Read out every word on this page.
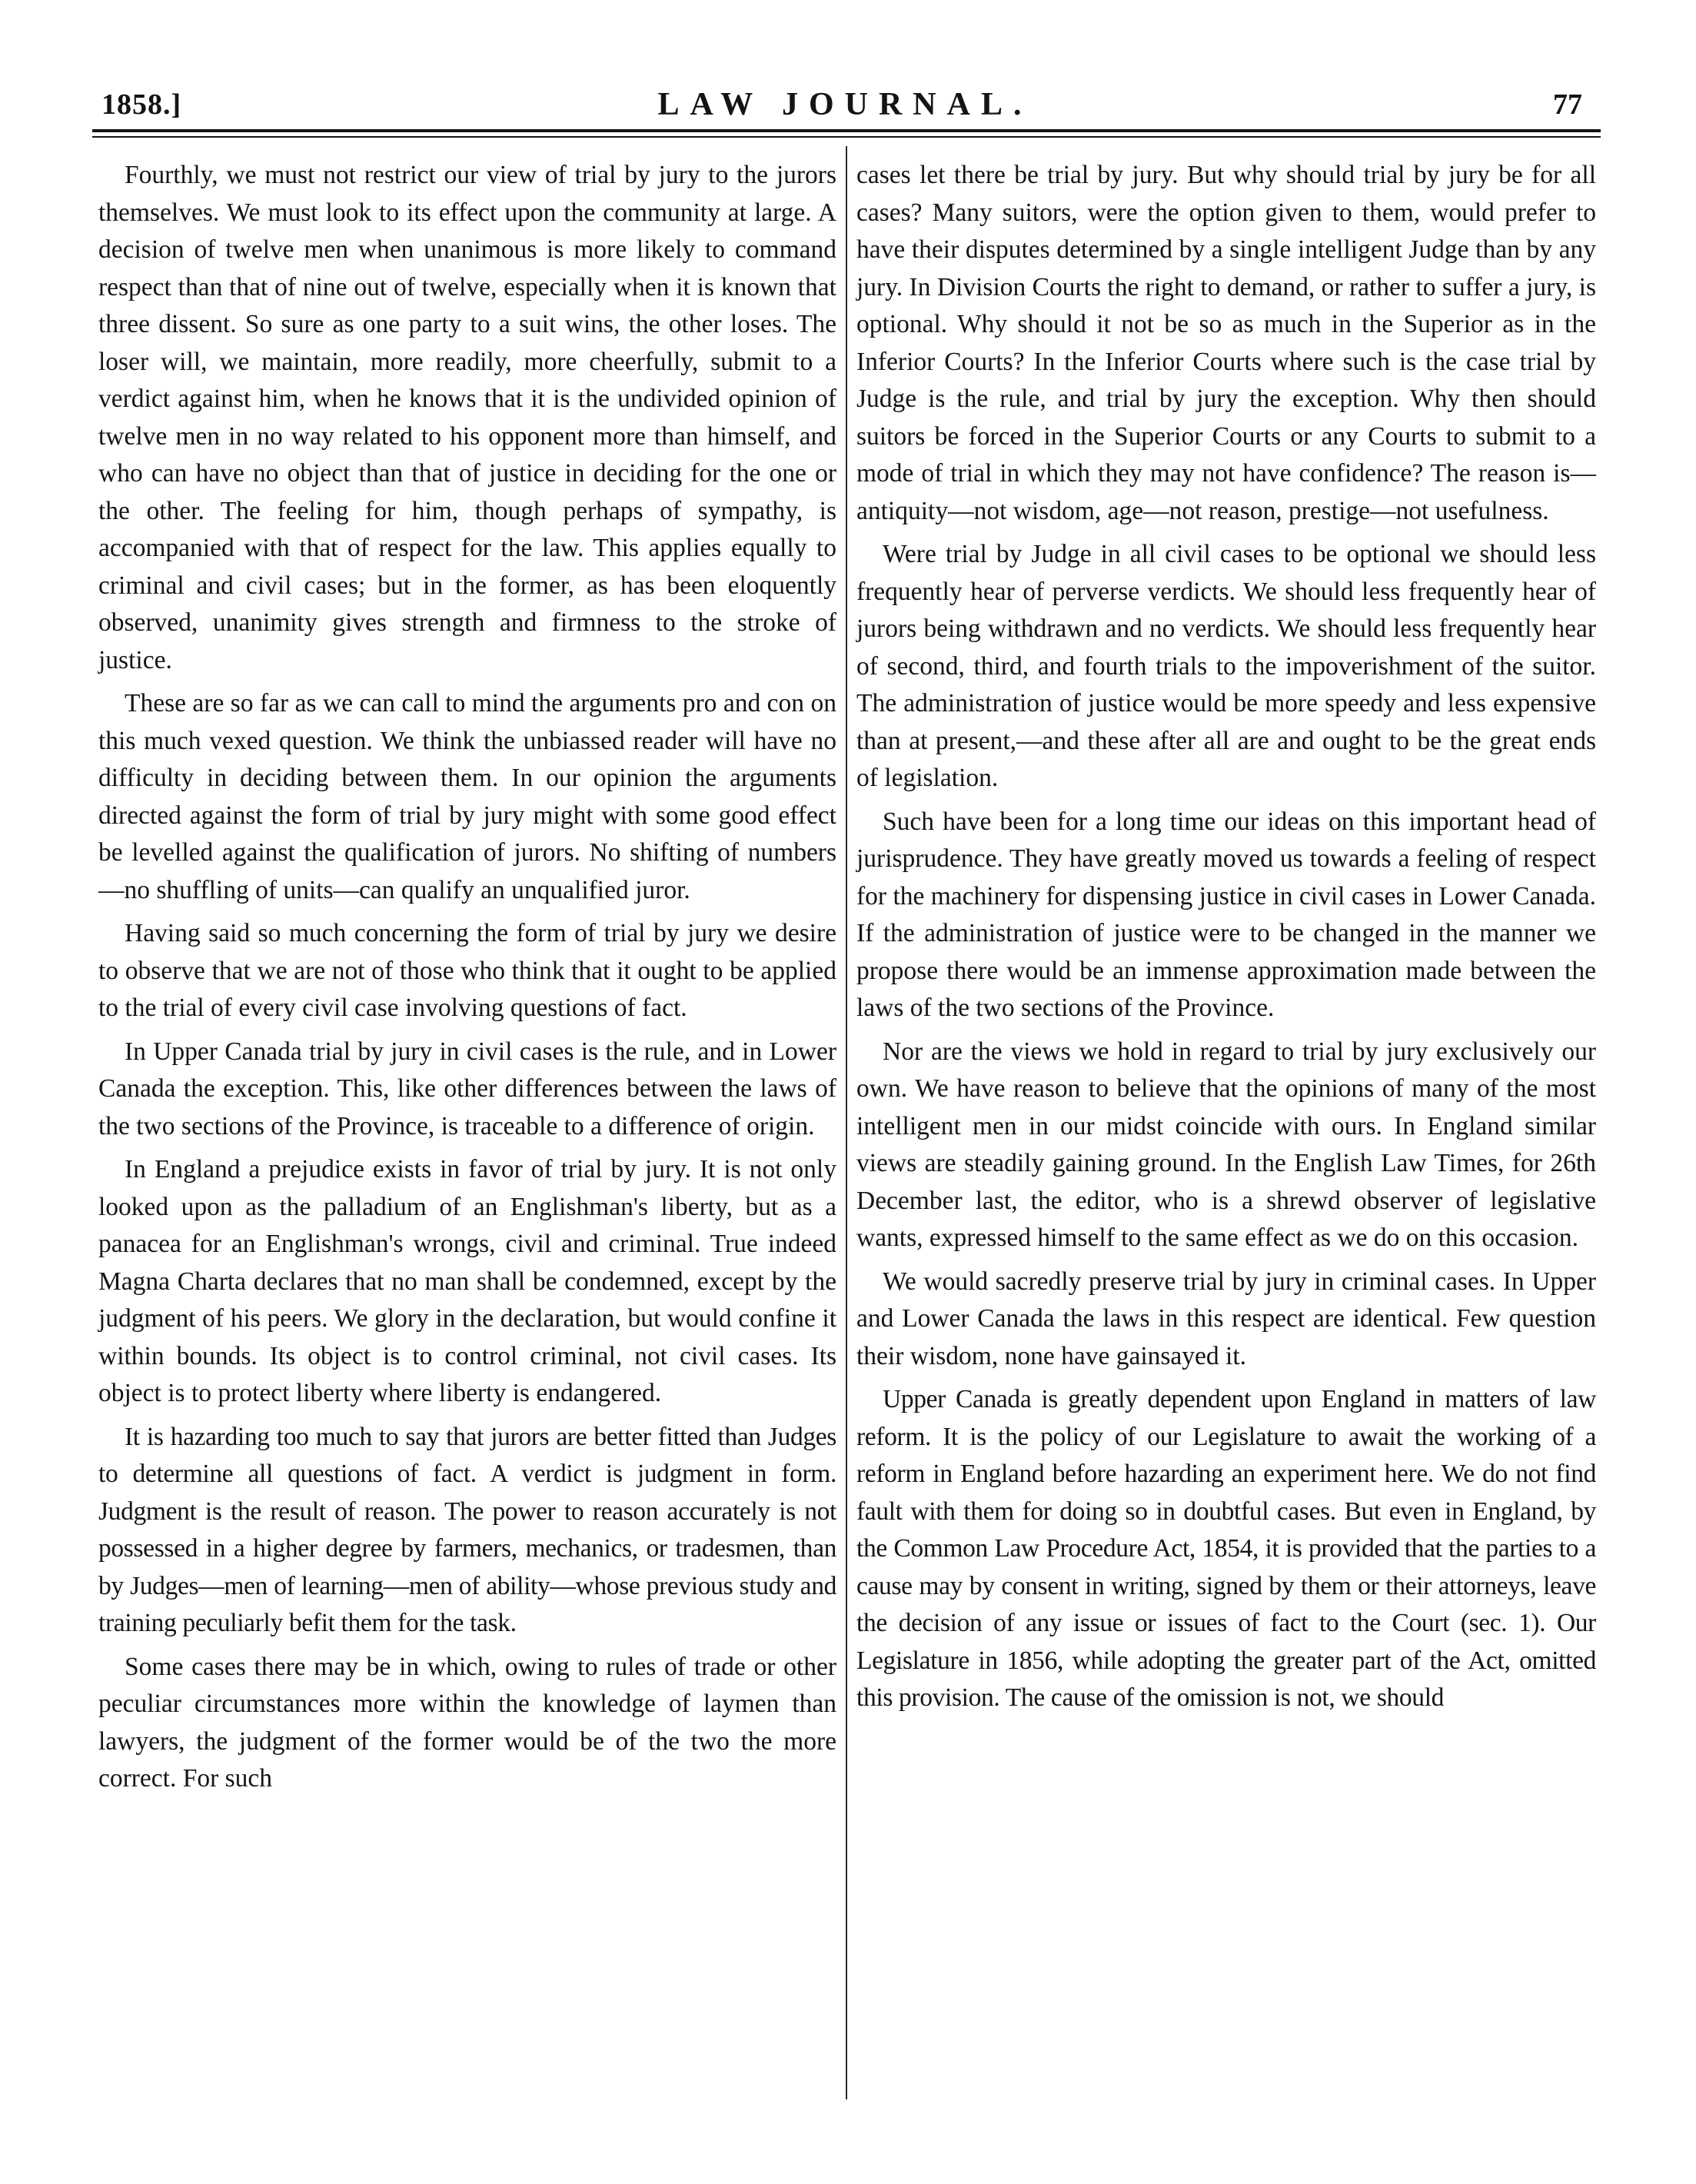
1858.]	LAW JOURNAL.	77

Fourthly, we must not restrict our view of trial by jury to the jurors themselves. We must look to its effect upon the community at large. A decision of twelve men when unanimous is more likely to command respect than that of nine out of twelve, especially when it is known that three dissent. So sure as one party to a suit wins, the other loses. The loser will, we maintain, more readily, more cheerfully, submit to a verdict against him, when he knows that it is the undivided opinion of twelve men in no way related to his opponent more than himself, and who can have no object than that of justice in deciding for the one or the other. The feeling for him, though perhaps of sympathy, is accompanied with that of respect for the law. This applies equally to criminal and civil cases; but in the former, as has been eloquently observed, unanimity gives strength and firmness to the stroke of justice.

These are so far as we can call to mind the arguments pro and con on this much vexed question. We think the unbiassed reader will have no difficulty in deciding between them. In our opinion the arguments directed against the form of trial by jury might with some good effect be levelled against the qualification of jurors. No shifting of numbers —no shuffling of units—can qualify an unqualified juror.

Having said so much concerning the form of trial by jury we desire to observe that we are not of those who think that it ought to be applied to the trial of every civil case involving questions of fact.

In Upper Canada trial by jury in civil cases is the rule, and in Lower Canada the exception. This, like other differences between the laws of the two sections of the Province, is traceable to a difference of origin.

In England a prejudice exists in favor of trial by jury. It is not only looked upon as the palladium of an Englishman's liberty, but as a panacea for an Englishman's wrongs, civil and criminal. True indeed Magna Charta declares that no man shall be condemned, except by the judgment of his peers. We glory in the declaration, but would confine it within bounds. Its object is to control criminal, not civil cases. Its object is to protect liberty where liberty is endangered.

It is hazarding too much to say that jurors are better fitted than Judges to determine all questions of fact. A verdict is judgment in form. Judgment is the result of reason. The power to reason accurately is not possessed in a higher degree by farmers, mechanics, or tradesmen, than by Judges—men of learning—men of ability—whose previous study and training peculiarly befit them for the task.

Some cases there may be in which, owing to rules of trade or other peculiar circumstances more within the knowledge of laymen than lawyers, the judgment of the former would be of the two the more correct. For such

cases let there be trial by jury. But why should trial by jury be for all cases? Many suitors, were the option given to them, would prefer to have their disputes determined by a single intelligent Judge than by any jury. In Division Courts the right to demand, or rather to suffer a jury, is optional. Why should it not be so as much in the Superior as in the Inferior Courts? In the Inferior Courts where such is the case trial by Judge is the rule, and trial by jury the exception. Why then should suitors be forced in the Superior Courts or any Courts to submit to a mode of trial in which they may not have confidence? The reason is— antiquity—not wisdom, age—not reason, prestige—not usefulness.

Were trial by Judge in all civil cases to be optional we should less frequently hear of perverse verdicts. We should less frequently hear of jurors being withdrawn and no verdicts. We should less frequently hear of second, third, and fourth trials to the impoverishment of the suitor. The administration of justice would be more speedy and less expensive than at present,—and these after all are and ought to be the great ends of legislation.

Such have been for a long time our ideas on this important head of jurisprudence. They have greatly moved us towards a feeling of respect for the machinery for dispensing justice in civil cases in Lower Canada. If the administration of justice were to be changed in the manner we propose there would be an immense approximation made between the laws of the two sections of the Province.

Nor are the views we hold in regard to trial by jury exclusively our own. We have reason to believe that the opinions of many of the most intelligent men in our midst coincide with ours. In England similar views are steadily gaining ground. In the English Law Times, for 26th December last, the editor, who is a shrewd observer of legislative wants, expressed himself to the same effect as we do on this occasion.

We would sacredly preserve trial by jury in criminal cases. In Upper and Lower Canada the laws in this respect are identical. Few question their wisdom, none have gainsayed it.

Upper Canada is greatly dependent upon England in matters of law reform. It is the policy of our Legislature to await the working of a reform in England before hazarding an experiment here. We do not find fault with them for doing so in doubtful cases. But even in England, by the Common Law Procedure Act, 1854, it is provided that the parties to a cause may by consent in writing, signed by them or their attorneys, leave the decision of any issue or issues of fact to the Court (sec. 1). Our Legislature in 1856, while adopting the greater part of the Act, omitted this provision. The cause of the omission is not, we should
